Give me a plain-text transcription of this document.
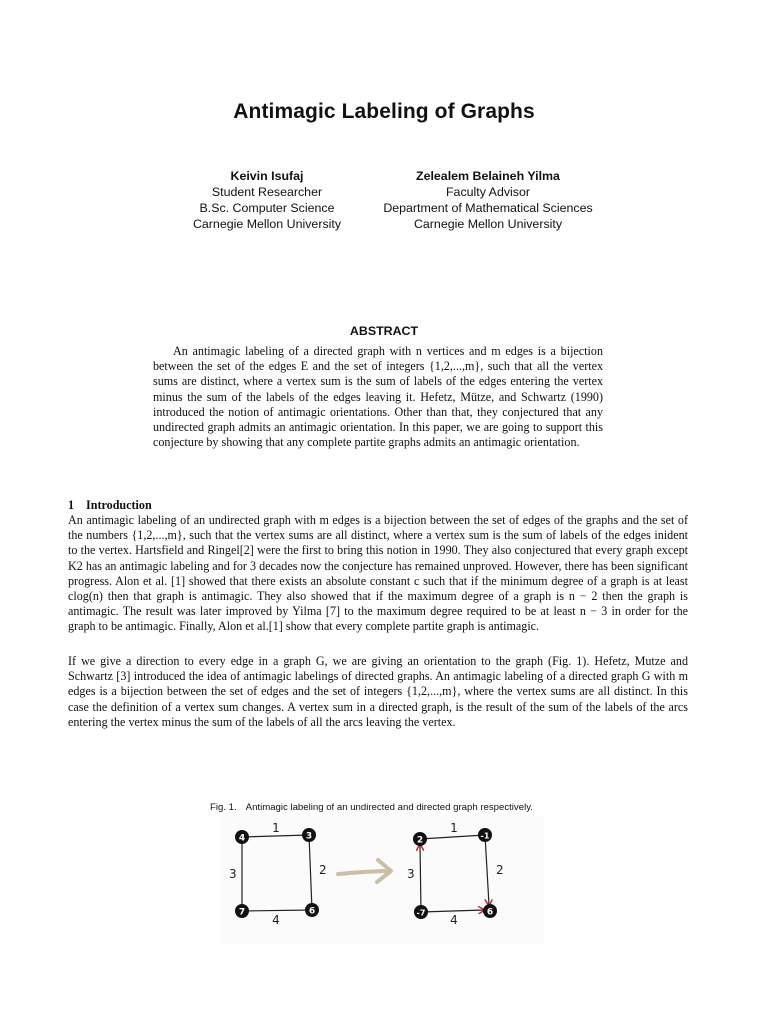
Antimagic Labeling of Graphs
Keivin Isufaj
Student Researcher
B.Sc. Computer Science
Carnegie Mellon University
Zelealem Belaineh Yilma
Faculty Advisor
Department of Mathematical Sciences
Carnegie Mellon University
ABSTRACT

An antimagic labeling of a directed graph with n vertices and m edges is a bijection between the set of the edges E and the set of integers {1,2,...,m}, such that all the vertex sums are distinct, where a vertex sum is the sum of labels of the edges entering the vertex minus the sum of the labels of the edges leaving it. Hefetz, Mütze, and Schwartz (1990) introduced the notion of antimagic orientations. Other than that, they conjectured that any undirected graph admits an antimagic orientation. In this paper, we are going to support this conjecture by showing that any complete partite graphs admits an antimagic orientation.

1 Introduction

An antimagic labeling of an undirected graph with m edges is a bijection between the set of edges of the graphs and the set of the numbers {1,2,...,m}, such that the vertex sums are all distinct, where a vertex sum is the sum of labels of the edges inident to the vertex. Hartsfield and Ringel[2] were the first to bring this notion in 1990. They also conjectured that every graph except K2 has an antimagic labeling and for 3 decades now the conjecture has remained unproved. However, there has been significant progress. Alon et al. [1] showed that there exists an absolute constant c such that if the minimum degree of a graph is at least clog(n) then that graph is antimagic. They also showed that if the maximum degree of a graph is n − 2 then the graph is antimagic. The result was later improved by Yilma [7] to the maximum degree required to be at least n − 3 in order for the graph to be antimagic. Finally, Alon et al.[1] show that every complete partite graph is antimagic.

If we give a direction to every edge in a graph G, we are giving an orientation to the graph (Fig. 1). Hefetz, Mutze and Schwartz [3] introduced the idea of antimagic labelings of directed graphs. An antimagic labeling of a directed graph G with m edges is a bijection between the set of edges and the set of integers {1,2,...,m}, where the vertex sums are all distinct. In this case the definition of a vertex sum changes. A vertex sum in a directed graph, is the result of the sum of the labels of the arcs entering the vertex minus the sum of the labels of all the arcs leaving the vertex.

Fig. 1. Antimagic labeling of an undirected and directed graph respectively.
1
2
4
3
4	3
7	6
1
2
4
3
2	-1
-7	6
